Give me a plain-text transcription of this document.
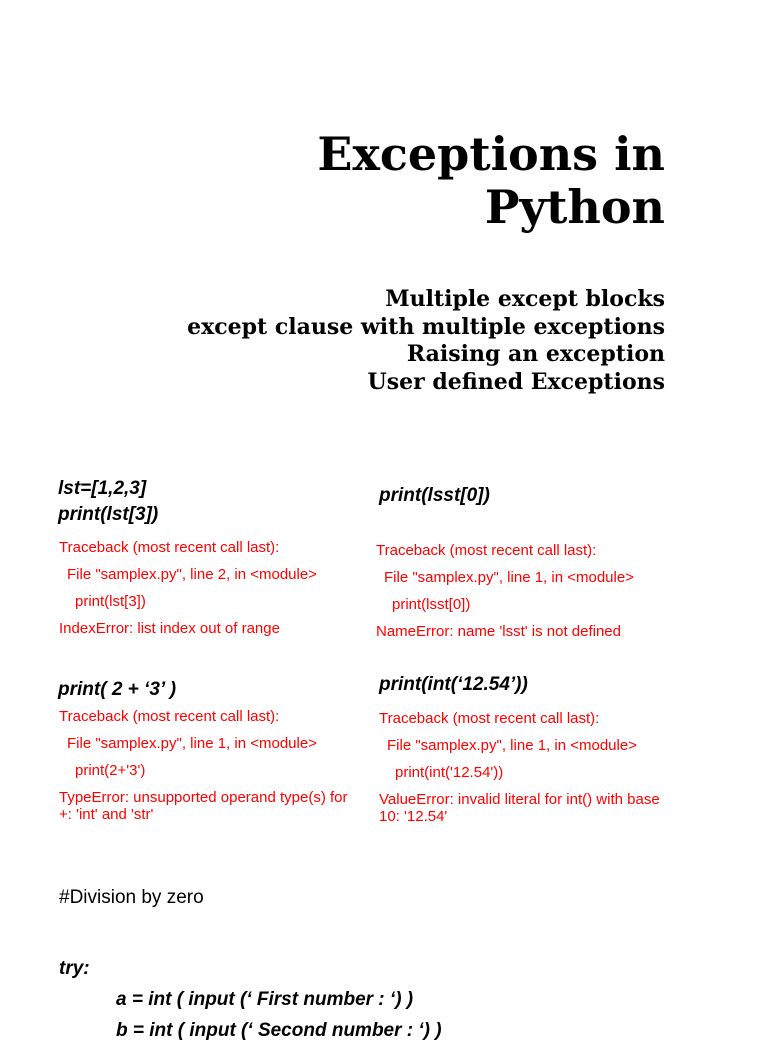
Exceptions in
Python
Multiple except blocks
except clause with multiple exceptions
Raising an exception
User defined Exceptions
lst=[1,2,3]
print(lst[3])
Traceback (most recent call last):
File "samplex.py", line 2, in <module>
print(lst[3])
IndexError: list index out of range
print(lsst[0])
Traceback (most recent call last):
File "samplex.py", line 1, in <module>
print(lsst[0])
NameError: name 'lsst' is not defined
print( 2 + ‘3’ )
Traceback (most recent call last):
File "samplex.py", line 1, in <module>
print(2+'3')
TypeError: unsupported operand type(s) for +: 'int' and 'str'
print(int(‘12.54’))
Traceback (most recent call last):
File "samplex.py", line 1, in <module>
print(int('12.54'))
ValueError: invalid literal for int() with base 10: '12.54'
#Division by zero
try:
a = int ( input (‘ First number : ‘) )
b = int ( input (‘ Second number : ‘) )
